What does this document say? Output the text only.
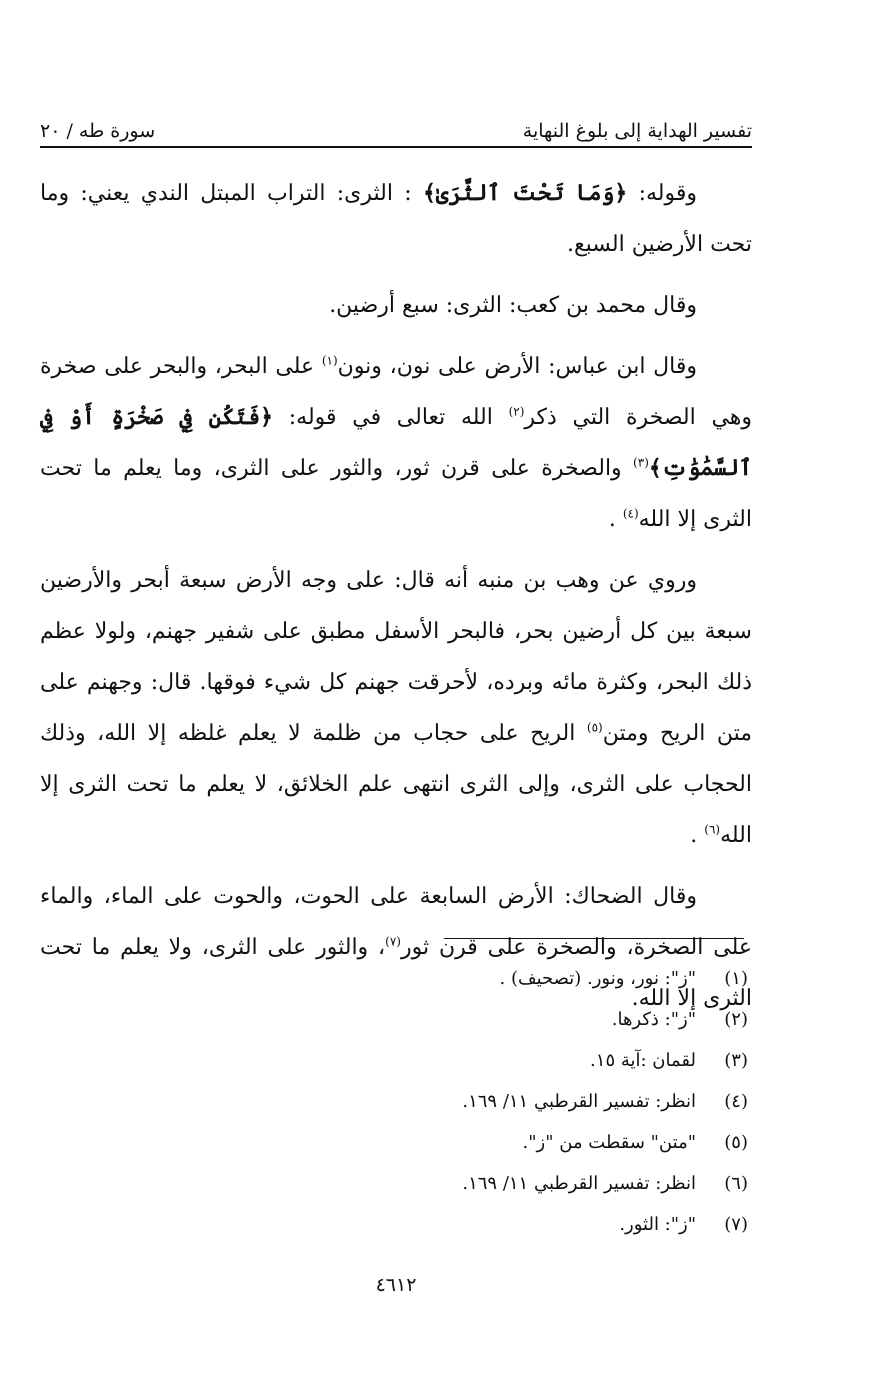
تفسير الهداية إلى بلوغ النهاية
سورة طه / ٢٠

وقوله: ﴿وَمَا تَحْتَ ٱلثَّرَىٰ﴾ : الثرى: التراب المبتل الندي يعني: وما تحت الأرضين السبع.

وقال محمد بن كعب: الثرى: سبع أرضين.

وقال ابن عباس: الأرض على نون، ونون$^{(١)}$ على البحر، والبحر على صخرة وهي الصخرة التي ذكر$^{(٢)}$ الله تعالى في قوله: ﴿فَتَكُن فِي صَخْرَةٍ أَوْ فِي ٱلسَّمَٰوَٰتِ﴾$^{(٣)}$ والصخرة على قرن ثور، والثور على الثرى، وما يعلم ما تحت الثرى إلا الله$^{(٤)}$ .

وروي عن وهب بن منبه أنه قال: على وجه الأرض سبعة أبحر والأرضين سبعة بين كل أرضين بحر، فالبحر الأسفل مطبق على شفير جهنم، ولولا عظم ذلك البحر، وكثرة مائه وبرده، لأحرقت جهنم كل شيء فوقها. قال: وجهنم على متن الريح ومتن$^{(٥)}$ الريح على حجاب من ظلمة لا يعلم غلظه إلا الله، وذلك الحجاب على الثرى، وإلى الثرى انتهى علم الخلائق، لا يعلم ما تحت الثرى إلا الله$^{(٦)}$ .

وقال الضحاك: الأرض السابعة على الحوت، والحوت على الماء، والماء على الصخرة، والصخرة على قرن ثور$^{(٧)}$، والثور على الثرى، ولا يعلم ما تحت الثرى إلا الله.

(١)
"ز": نور، ونور. (تصحيف) .
(٢)
"ز": ذكرها.
(٣)
لقمان :آية ١٥.
(٤)
انظر: تفسير القرطبي ١١/ ١٦٩.
(٥)
"متن" سقطت من "ز".
(٦)
انظر: تفسير القرطبي ١١/ ١٦٩.
(٧)
"ز": الثور.
٤٦١٢
